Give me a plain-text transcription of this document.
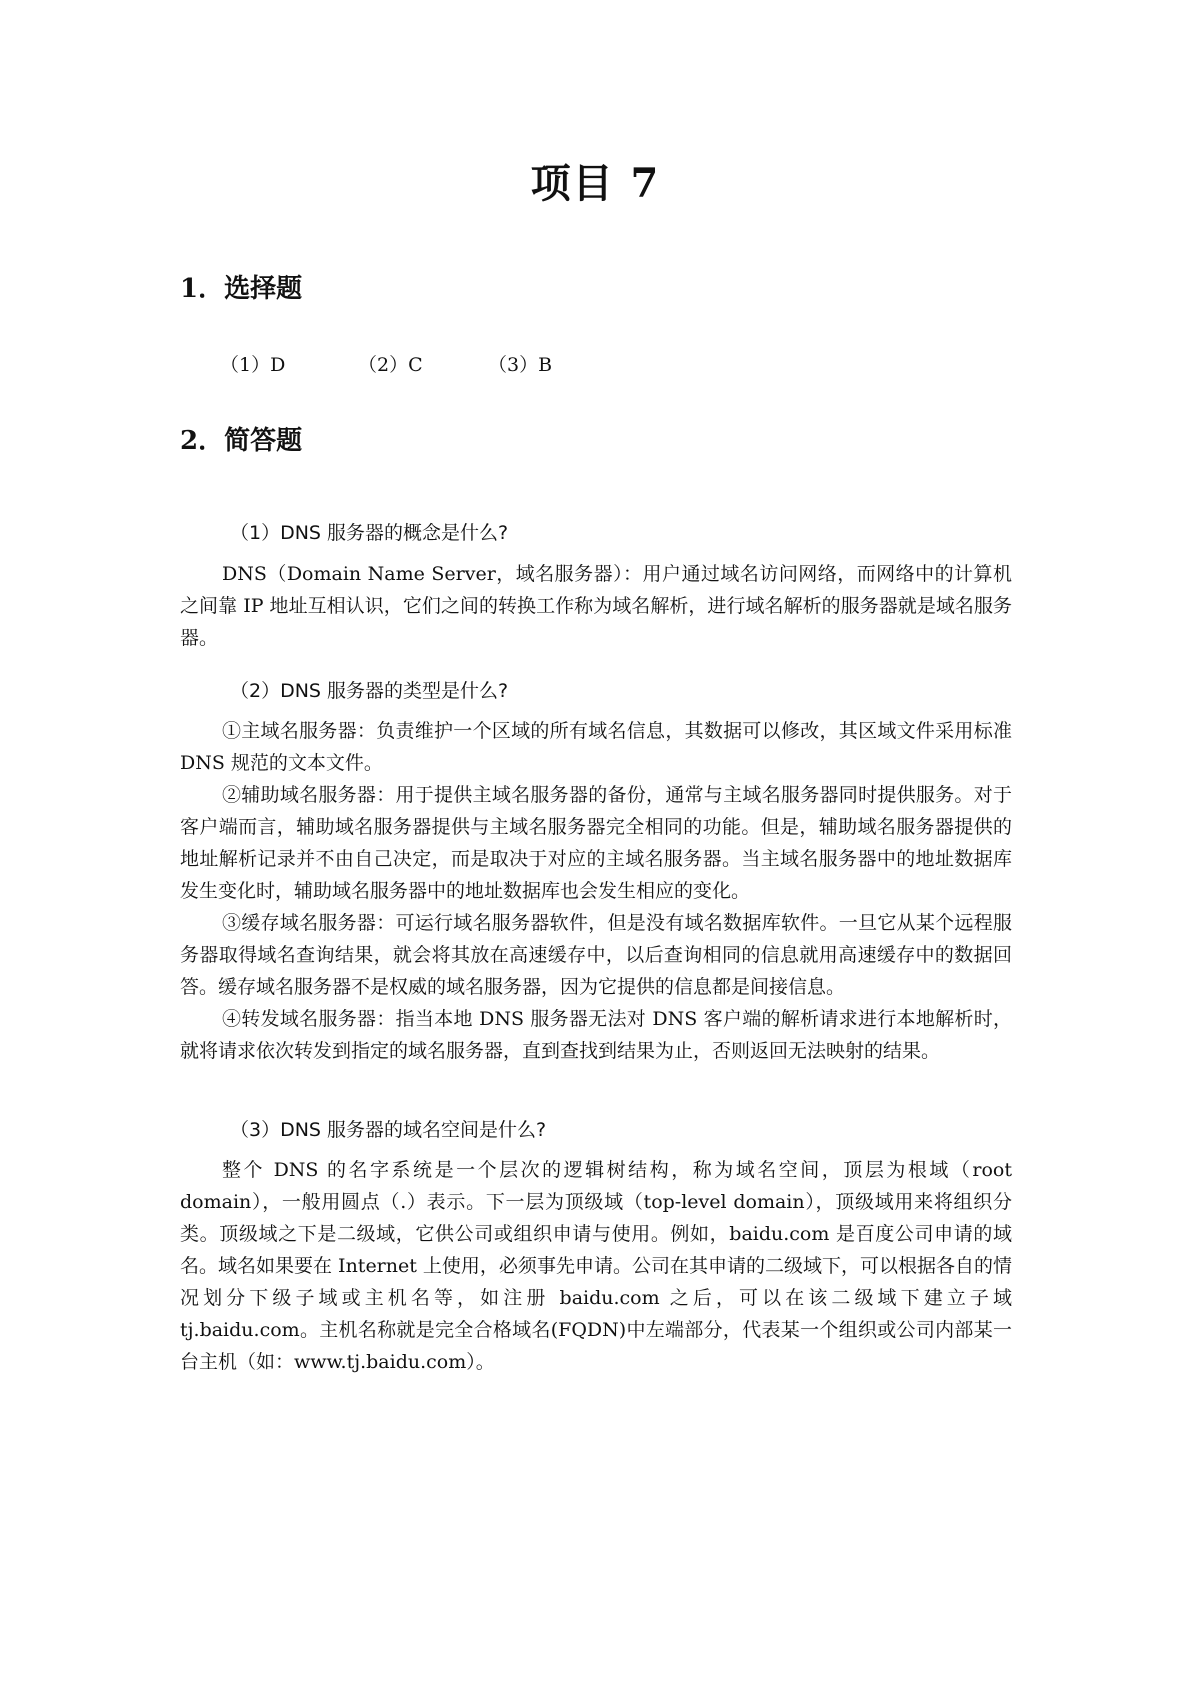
项目 7
1．选择题
（1）D	（2）C	（3）B
2．简答题

（1）DNS 服务器的概念是什么?

DNS（Domain Name Server，域名服务器）：用户通过域名访问网络，而网络中的计算机之间靠 IP 地址互相认识，它们之间的转换工作称为域名解析，进行域名解析的服务器就是域名服务器。

（2）DNS 服务器的类型是什么?

①主域名服务器：负责维护一个区域的所有域名信息，其数据可以修改，其区域文件采用标准 DNS 规范的文本文件。

②辅助域名服务器：用于提供主域名服务器的备份，通常与主域名服务器同时提供服务。对于客户端而言，辅助域名服务器提供与主域名服务器完全相同的功能。但是，辅助域名服务器提供的地址解析记录并不由自己决定，而是取决于对应的主域名服务器。当主域名服务器中的地址数据库发生变化时，辅助域名服务器中的地址数据库也会发生相应的变化。

③缓存域名服务器：可运行域名服务器软件，但是没有域名数据库软件。一旦它从某个远程服务器取得域名查询结果，就会将其放在高速缓存中，以后查询相同的信息就用高速缓存中的数据回答。缓存域名服务器不是权威的域名服务器，因为它提供的信息都是间接信息。

④转发域名服务器：指当本地 DNS 服务器无法对 DNS 客户端的解析请求进行本地解析时，就将请求依次转发到指定的域名服务器，直到查找到结果为止，否则返回无法映射的结果。

（3）DNS 服务器的域名空间是什么?

整个 DNS 的名字系统是一个层次的逻辑树结构，称为域名空间，顶层为根域（root domain），一般用圆点（.）表示。下一层为顶级域（top-level domain），顶级域用来将组织分类。顶级域之下是二级域，它供公司或组织申请与使用。例如，baidu.com 是百度公司申请的域名。域名如果要在 Internet 上使用，必须事先申请。公司在其申请的二级域下，可以根据各自的情况划分下级子域或主机名等，如注册 baidu.com 之后，可以在该二级域下建立子域 tj.baidu.com。主机名称就是完全合格域名(FQDN)中左端部分，代表某一个组织或公司内部某一台主机（如：www.tj.baidu.com）。
